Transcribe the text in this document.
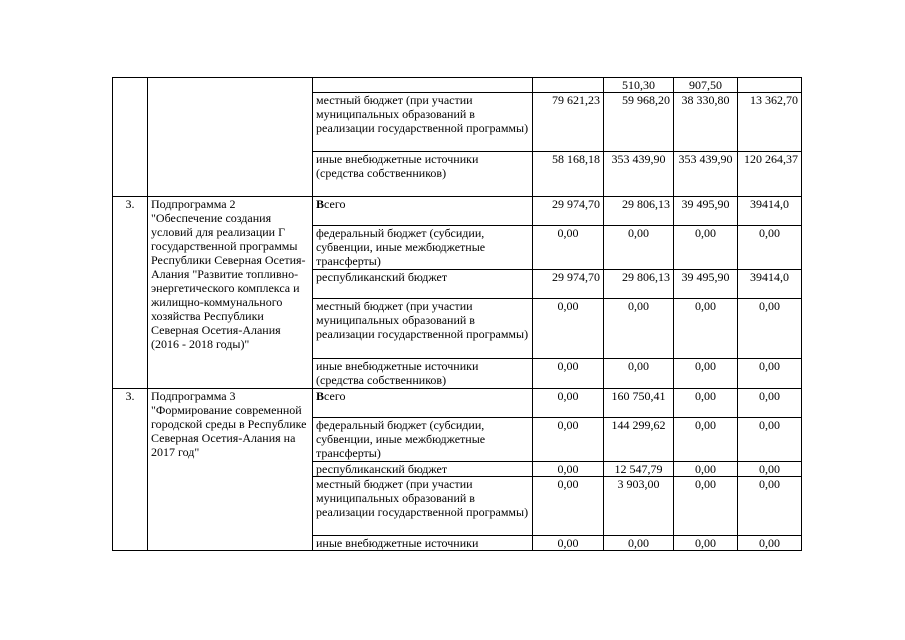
				510,30	907,50	
		местный бюджет (при участии муниципальных образований в реализации государственной программы)	79 621,23	59 968,20	38 330,80	13 362,70
		иные внебюджетные источники (средства собственников)	58 168,18	353 439,90	353 439,90	120 264,37
3.	Подпрограмма 2 "Обеспечение создания условий для реализации Г государственной программы Республики Северная Осетия-Алания "Развитие топливно-энергетического комплекса и жилищно-коммунального хозяйства Республики Северная Осетия-Алания (2016 - 2018 годы)"	Всего	29 974,70	29 806,13	39 495,90	39414,0
		федеральный бюджет (субсидии, субвенции, иные межбюджетные трансферты)	0,00	0,00	0,00	0,00
		республиканский бюджет	29 974,70	29 806,13	39 495,90	39414,0
		местный бюджет (при участии муниципальных образований в реализации государственной программы)	0,00	0,00	0,00	0,00
		иные внебюджетные источники (средства собственников)	0,00	0,00	0,00	0,00
3.	Подпрограмма 3 "Формирование современной городской среды в Республике Северная Осетия-Алания на 2017 год"	Всего	0,00	160 750,41	0,00	0,00
		федеральный бюджет (субсидии, субвенции, иные межбюджетные трансферты)	0,00	144 299,62	0,00	0,00
		республиканский бюджет	0,00	12 547,79	0,00	0,00
		местный бюджет (при участии муниципальных образований в реализации государственной программы)	0,00	3 903,00	0,00	0,00
		иные внебюджетные источники	0,00	0,00	0,00	0,00
